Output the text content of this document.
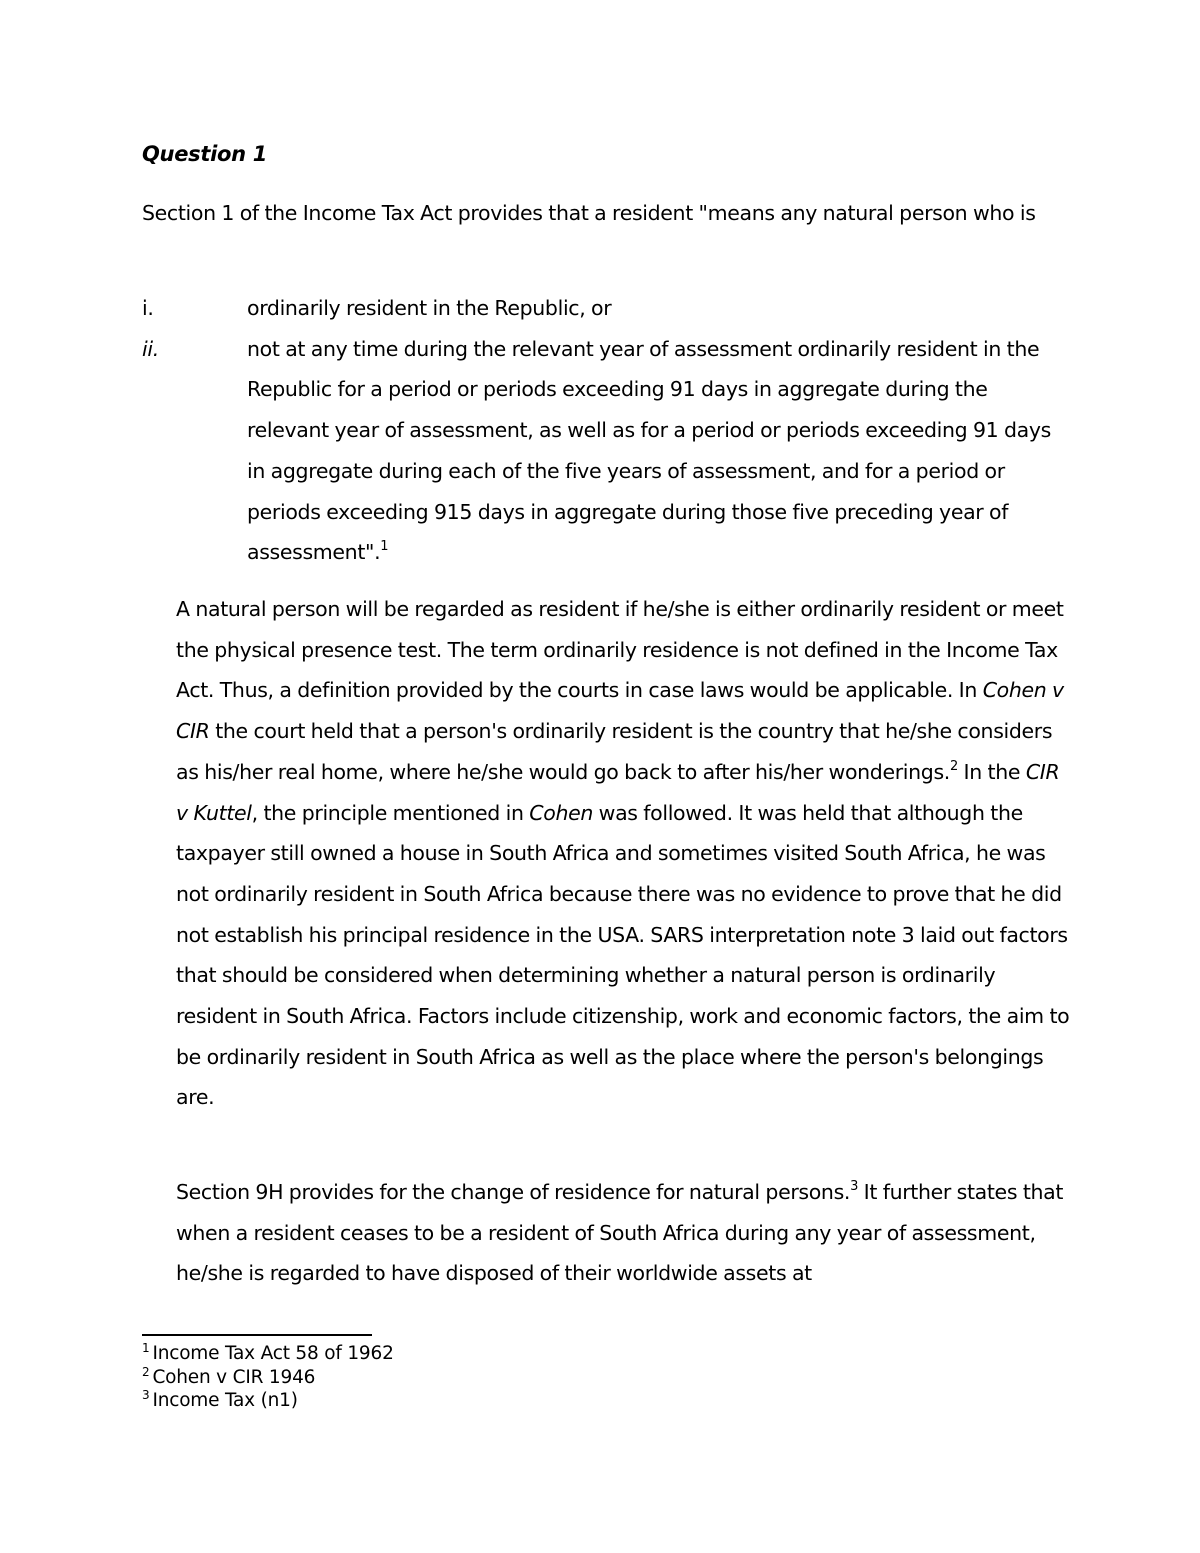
Question 1
Section 1 of the Income Tax Act provides that a resident "means any natural person who is
i.	ordinarily resident in the Republic, or
ii.	not at any time during the relevant year of assessment ordinarily resident in the Republic for a period or periods exceeding 91 days in aggregate during the relevant year of assessment, as well as for a period or periods exceeding 91 days in aggregate during each of the five years of assessment, and for a period or periods exceeding 915 days in aggregate during those five preceding year of assessment".$^1$
A natural person will be regarded as resident if he/she is either ordinarily resident or meet the physical presence test. The term ordinarily residence is not defined in the Income Tax Act. Thus, a definition provided by the courts in case laws would be applicable. In Cohen v CIR the court held that a person's ordinarily resident is the country that he/she considers as his/her real home, where he/she would go back to after his/her wonderings.$^2$ In the CIR v Kuttel, the principle mentioned in Cohen was followed. It was held that although the taxpayer still owned a house in South Africa and sometimes visited South Africa, he was not ordinarily resident in South Africa because there was no evidence to prove that he did not establish his principal residence in the USA. SARS interpretation note 3 laid out factors that should be considered when determining whether a natural person is ordinarily resident in South Africa. Factors include citizenship, work and economic factors, the aim to be ordinarily resident in South Africa as well as the place where the person's belongings are.
Section 9H provides for the change of residence for natural persons.$^3$ It further states that when a resident ceases to be a resident of South Africa during any year of assessment, he/she is regarded to have disposed of their worldwide assets at
$^1$ Income Tax Act 58 of 1962
$^2$ Cohen v CIR 1946
$^3$ Income Tax (n1)
